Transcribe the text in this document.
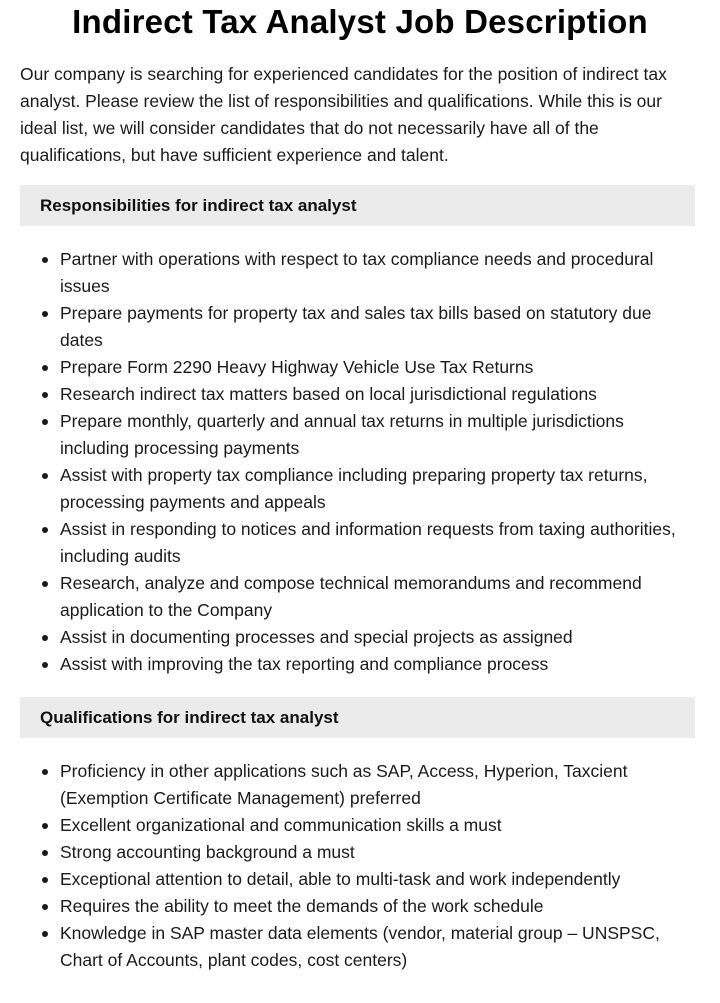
Indirect Tax Analyst Job Description

Our company is searching for experienced candidates for the position of indirect tax analyst. Please review the list of responsibilities and qualifications. While this is our ideal list, we will consider candidates that do not necessarily have all of the qualifications, but have sufficient experience and talent.

Responsibilities for indirect tax analyst
Partner with operations with respect to tax compliance needs and procedural issues
Prepare payments for property tax and sales tax bills based on statutory due dates
Prepare Form 2290 Heavy Highway Vehicle Use Tax Returns
Research indirect tax matters based on local jurisdictional regulations
Prepare monthly, quarterly and annual tax returns in multiple jurisdictions including processing payments
Assist with property tax compliance including preparing property tax returns, processing payments and appeals
Assist in responding to notices and information requests from taxing authorities, including audits
Research, analyze and compose technical memorandums and recommend application to the Company
Assist in documenting processes and special projects as assigned
Assist with improving the tax reporting and compliance process
Qualifications for indirect tax analyst
Proficiency in other applications such as SAP, Access, Hyperion, Taxcient (Exemption Certificate Management) preferred
Excellent organizational and communication skills a must
Strong accounting background a must
Exceptional attention to detail, able to multi-task and work independently
Requires the ability to meet the demands of the work schedule
Knowledge in SAP master data elements (vendor, material group – UNSPSC, Chart of Accounts, plant codes, cost centers)
